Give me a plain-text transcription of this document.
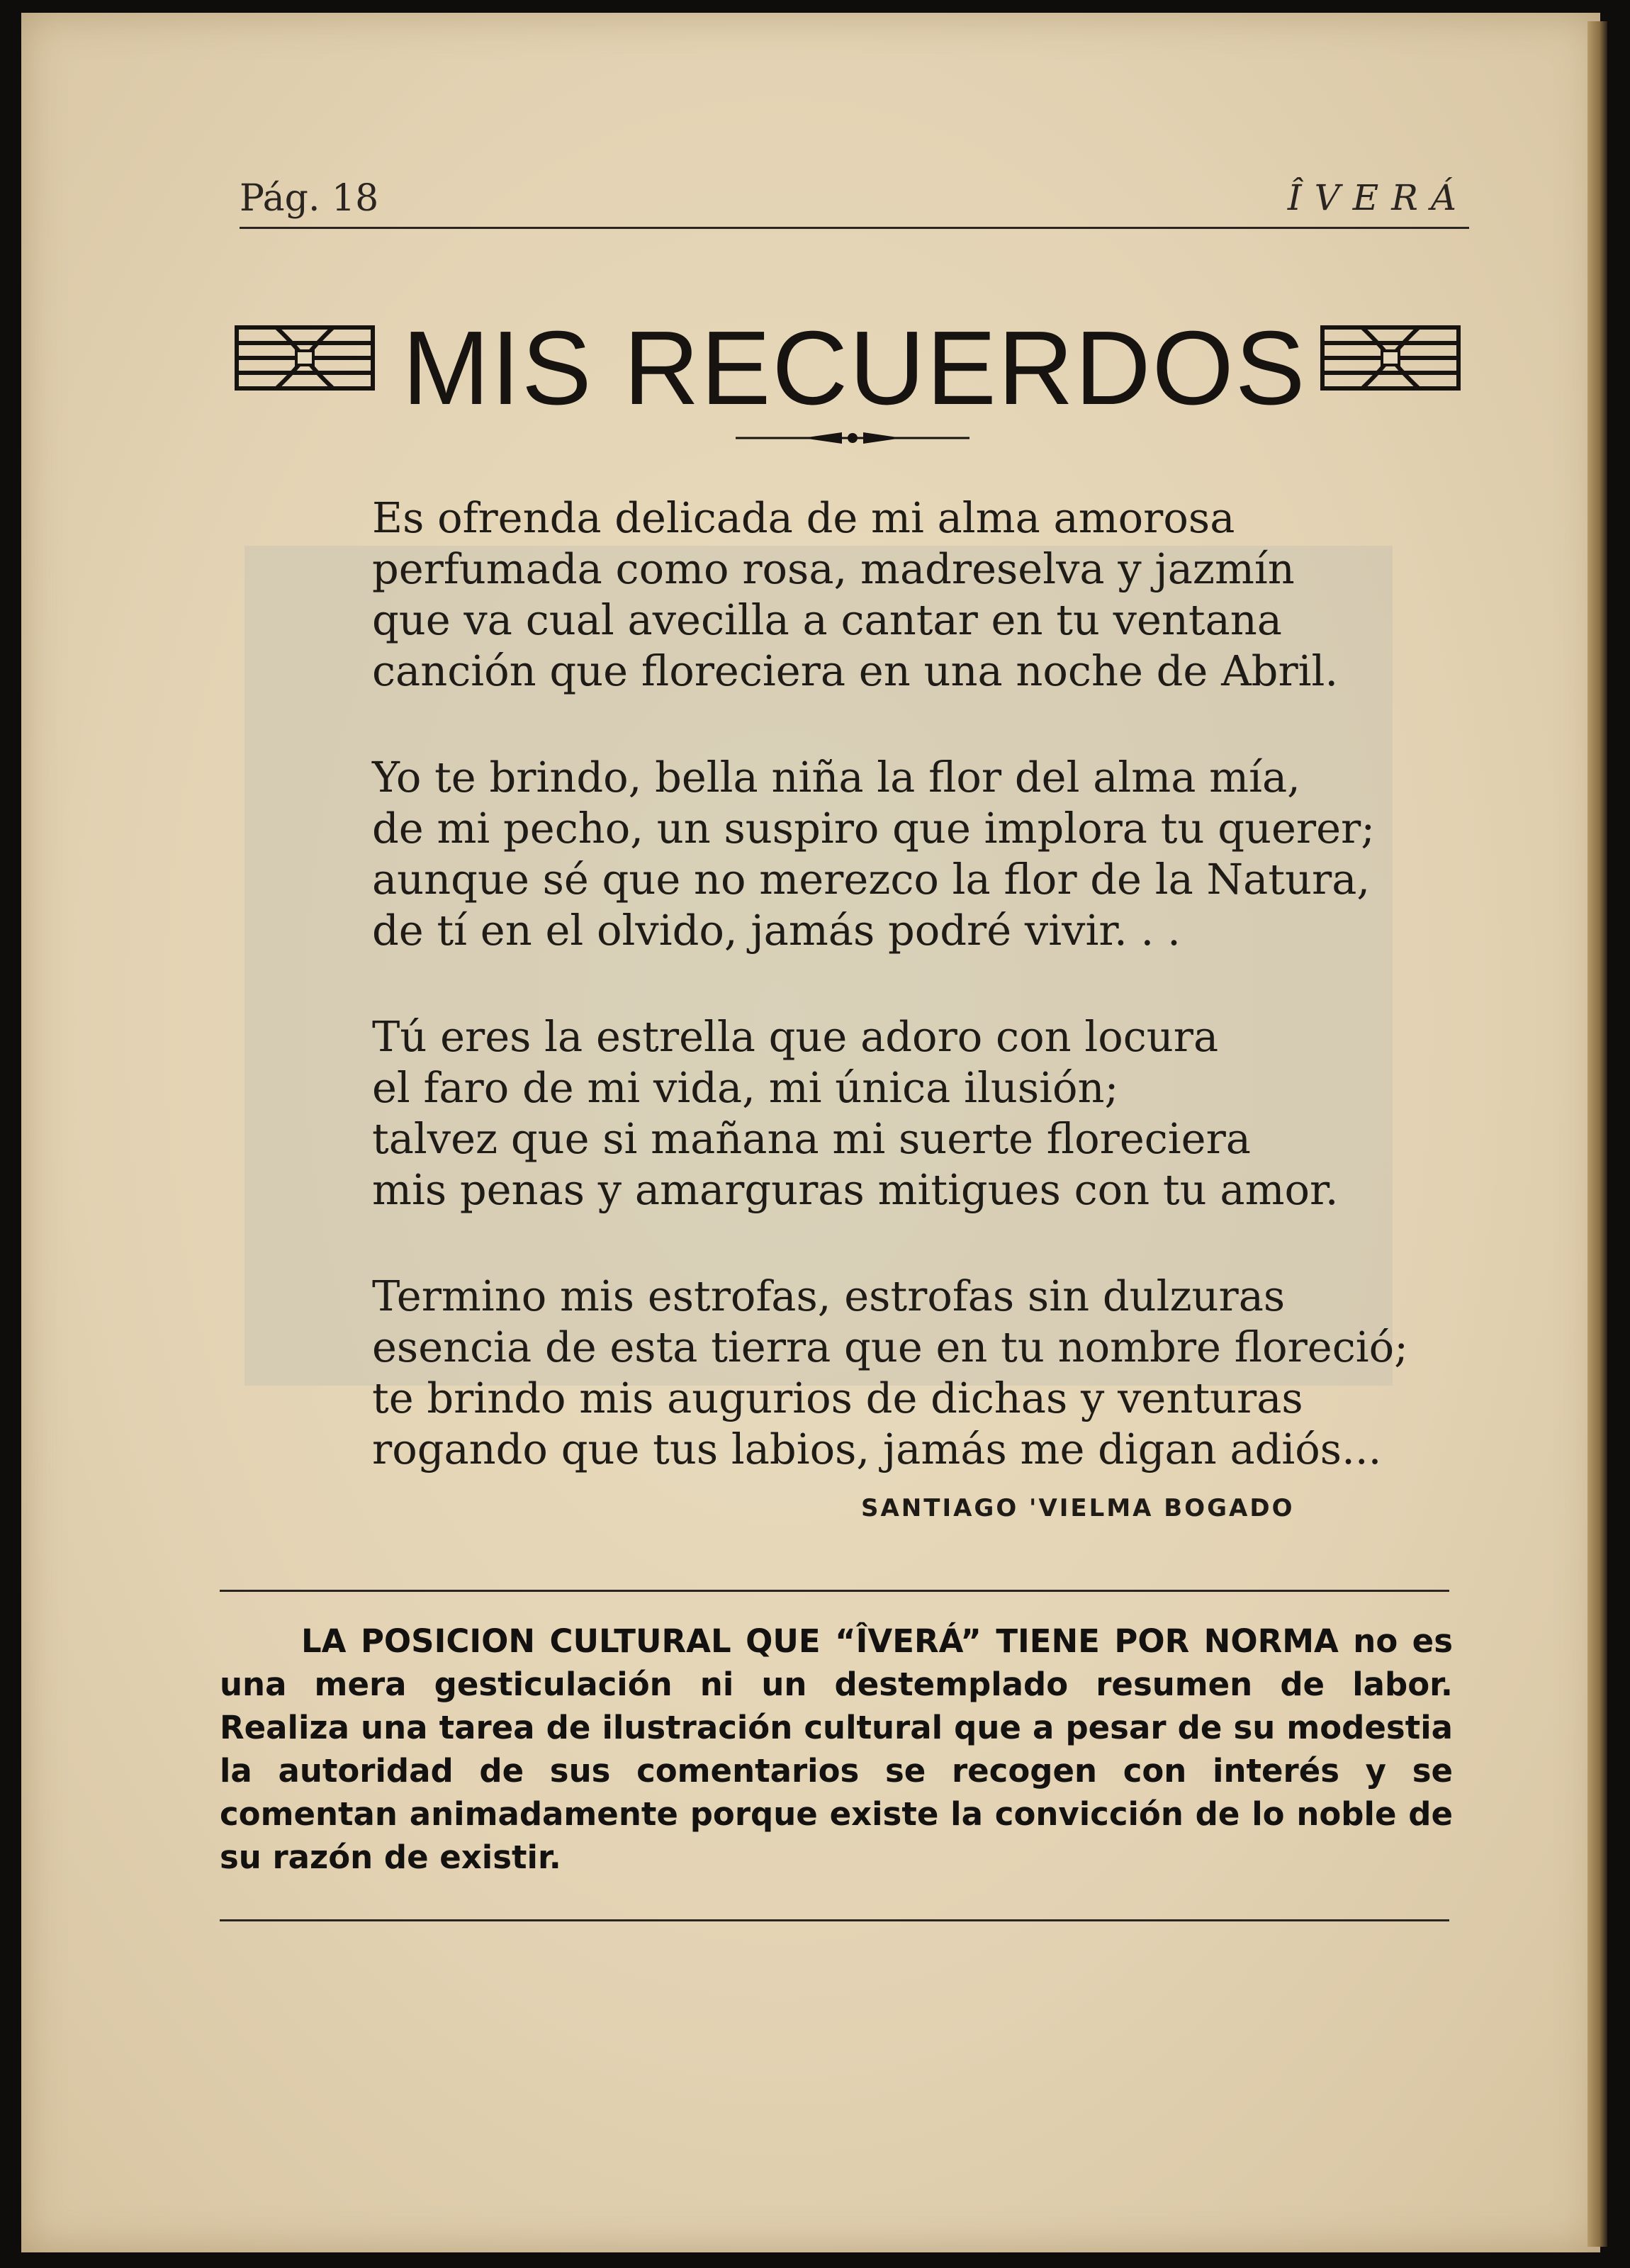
Pág. 18	ÎVERÁ
MIS RECUERDOS
Es ofrenda delicada de mi alma amorosa
perfumada como rosa, madreselva y jazmín
que va cual avecilla a cantar en tu ventana
canción que floreciera en una noche de Abril.
Yo te brindo, bella niña la flor del alma mía,
de mi pecho, un suspiro que implora tu querer;
aunque sé que no merezco la flor de la Natura,
de tí en el olvido, jamás podré vivir. . .
Tú eres la estrella que adoro con locura
el faro de mi vida, mi única ilusión;
talvez que si mañana mi suerte floreciera
mis penas y amarguras mitigues con tu amor.
Termino mis estrofas, estrofas sin dulzuras
esencia de esta tierra que en tu nombre floreció;
te brindo mis augurios de dichas y venturas
rogando que tus labios, jamás me digan adiós...
SANTIAGO 'VIELMA BOGADO
LA POSICION CULTURAL QUE “ÎVERÁ” TIENE POR NORMA no es una mera gesticulación ni un destemplado resumen de labor. Realiza una tarea de ilustración cultural que a pesar de su modestia la autoridad de sus comentarios se recogen con interés y se comentan animadamente porque existe la convicción de lo noble de su razón de existir.
